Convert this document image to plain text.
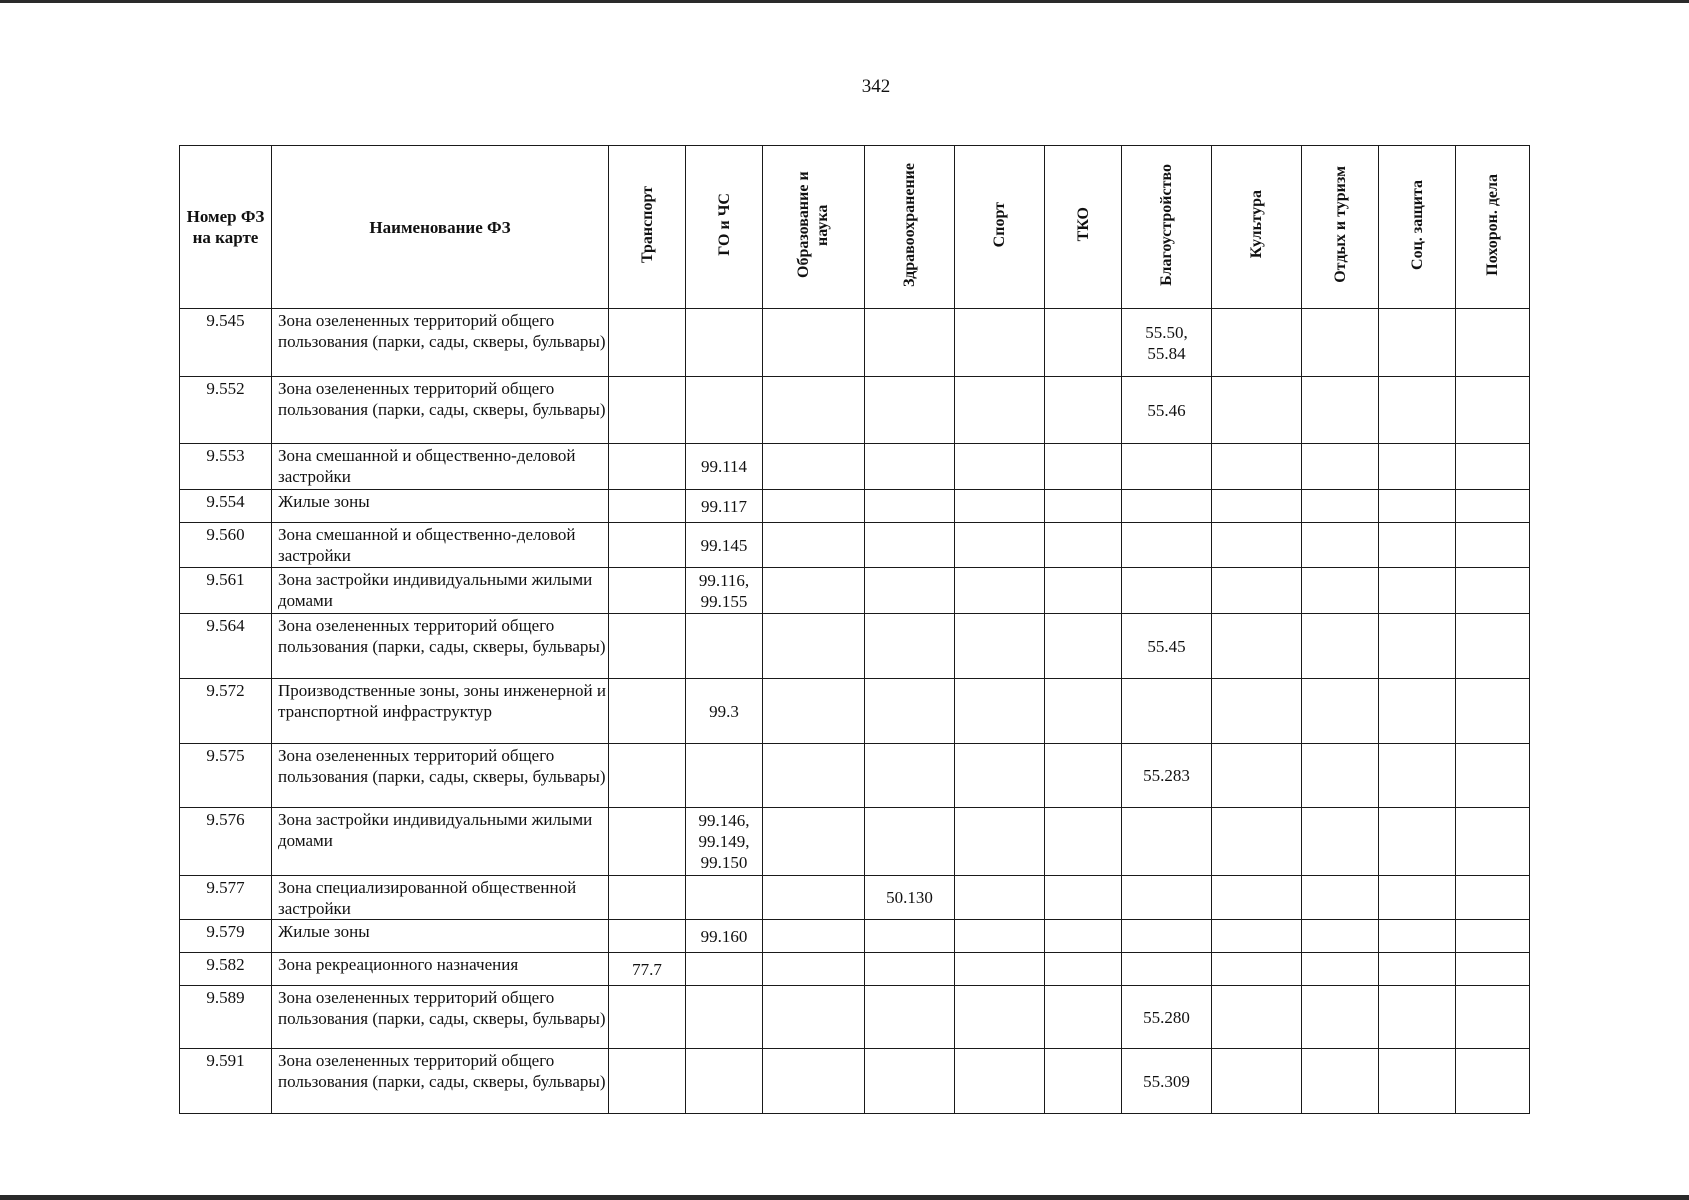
342
Номер ФЗ на карте	Наименование ФЗ	Транспорт	ГО и ЧС	Образование и наука	Здравоохранение	Спорт	ТКО	Благоустройство	Культура	Отдых и туризм	Соц. защита	Похорон. дела
9.545	Зона озелененных территорий общего пользования (парки, сады, скверы, бульвары)							55.50,
55.84				
9.552	Зона озелененных территорий общего пользования (парки, сады, скверы, бульвары)							55.46				
9.553	Зона смешанной и общественно-деловой застройки		99.114									
9.554	Жилые зоны		99.117									
9.560	Зона смешанной и общественно-деловой застройки		99.145									
9.561	Зона застройки индивидуальными жилыми домами		99.116,
99.155									
9.564	Зона озелененных территорий общего пользования (парки, сады, скверы, бульвары)							55.45				
9.572	Производственные зоны, зоны инженерной и транспортной инфраструктур		99.3									
9.575	Зона озелененных территорий общего пользования (парки, сады, скверы, бульвары)							55.283				
9.576	Зона застройки индивидуальными жилыми домами		99.146,
99.149,
99.150									
9.577	Зона специализированной общественной застройки				50.130							
9.579	Жилые зоны		99.160									
9.582	Зона рекреационного назначения	77.7										
9.589	Зона озелененных территорий общего пользования (парки, сады, скверы, бульвары)							55.280				
9.591	Зона озелененных территорий общего пользования (парки, сады, скверы, бульвары)							55.309				
